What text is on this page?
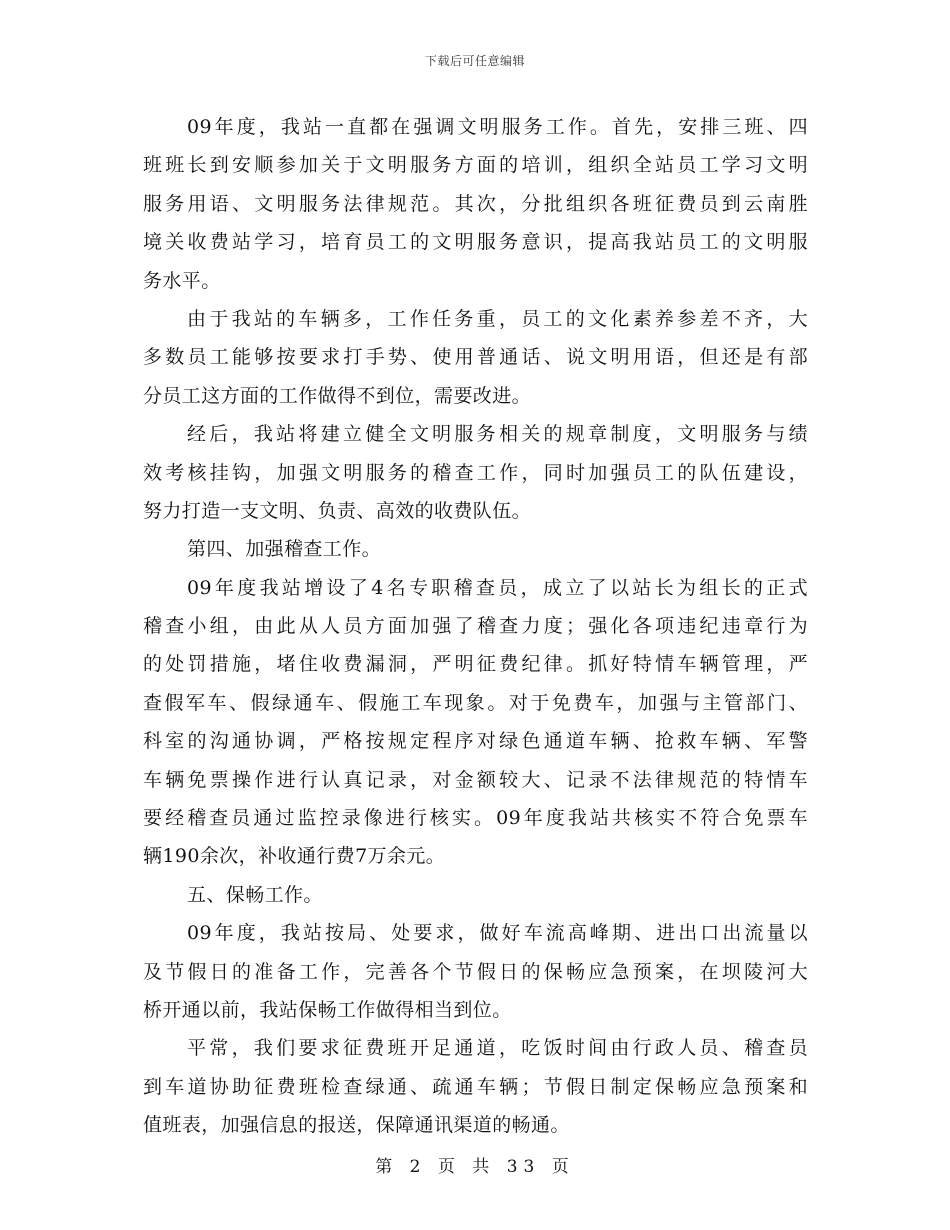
下载后可任意编辑
09年度，我站一直都在强调文明服务工作。首先，安排三班、四
班班长到安顺参加关于文明服务方面的培训，组织全站员工学习文明
服务用语、文明服务法律规范。其次，分批组织各班征费员到云南胜
境关收费站学习，培育员工的文明服务意识，提高我站员工的文明服
务水平。
由于我站的车辆多，工作任务重，员工的文化素养参差不齐，大
多数员工能够按要求打手势、使用普通话、说文明用语，但还是有部
分员工这方面的工作做得不到位，需要改进。
经后，我站将建立健全文明服务相关的规章制度，文明服务与绩
效考核挂钩，加强文明服务的稽查工作，同时加强员工的队伍建设，
努力打造一支文明、负责、高效的收费队伍。
第四、加强稽查工作。
09年度我站增设了4名专职稽查员，成立了以站长为组长的正式
稽查小组，由此从人员方面加强了稽查力度；强化各项违纪违章行为
的处罚措施，堵住收费漏洞，严明征费纪律。抓好特情车辆管理，严
查假军车、假绿通车、假施工车现象。对于免费车，加强与主管部门、
科室的沟通协调，严格按规定程序对绿色通道车辆、抢救车辆、军警
车辆免票操作进行认真记录，对金额较大、记录不法律规范的特情车
要经稽查员通过监控录像进行核实。09年度我站共核实不符合免票车
辆190余次，补收通行费7万余元。
五、保畅工作。
09年度，我站按局、处要求，做好车流高峰期、进出口出流量以
及节假日的准备工作，完善各个节假日的保畅应急预案，在坝陵河大
桥开通以前，我站保畅工作做得相当到位。
平常，我们要求征费班开足通道，吃饭时间由行政人员、稽查员
到车道协助征费班检查绿通、疏通车辆；节假日制定保畅应急预案和
值班表，加强信息的报送，保障通讯渠道的畅通。
第 2 页 共 33 页
